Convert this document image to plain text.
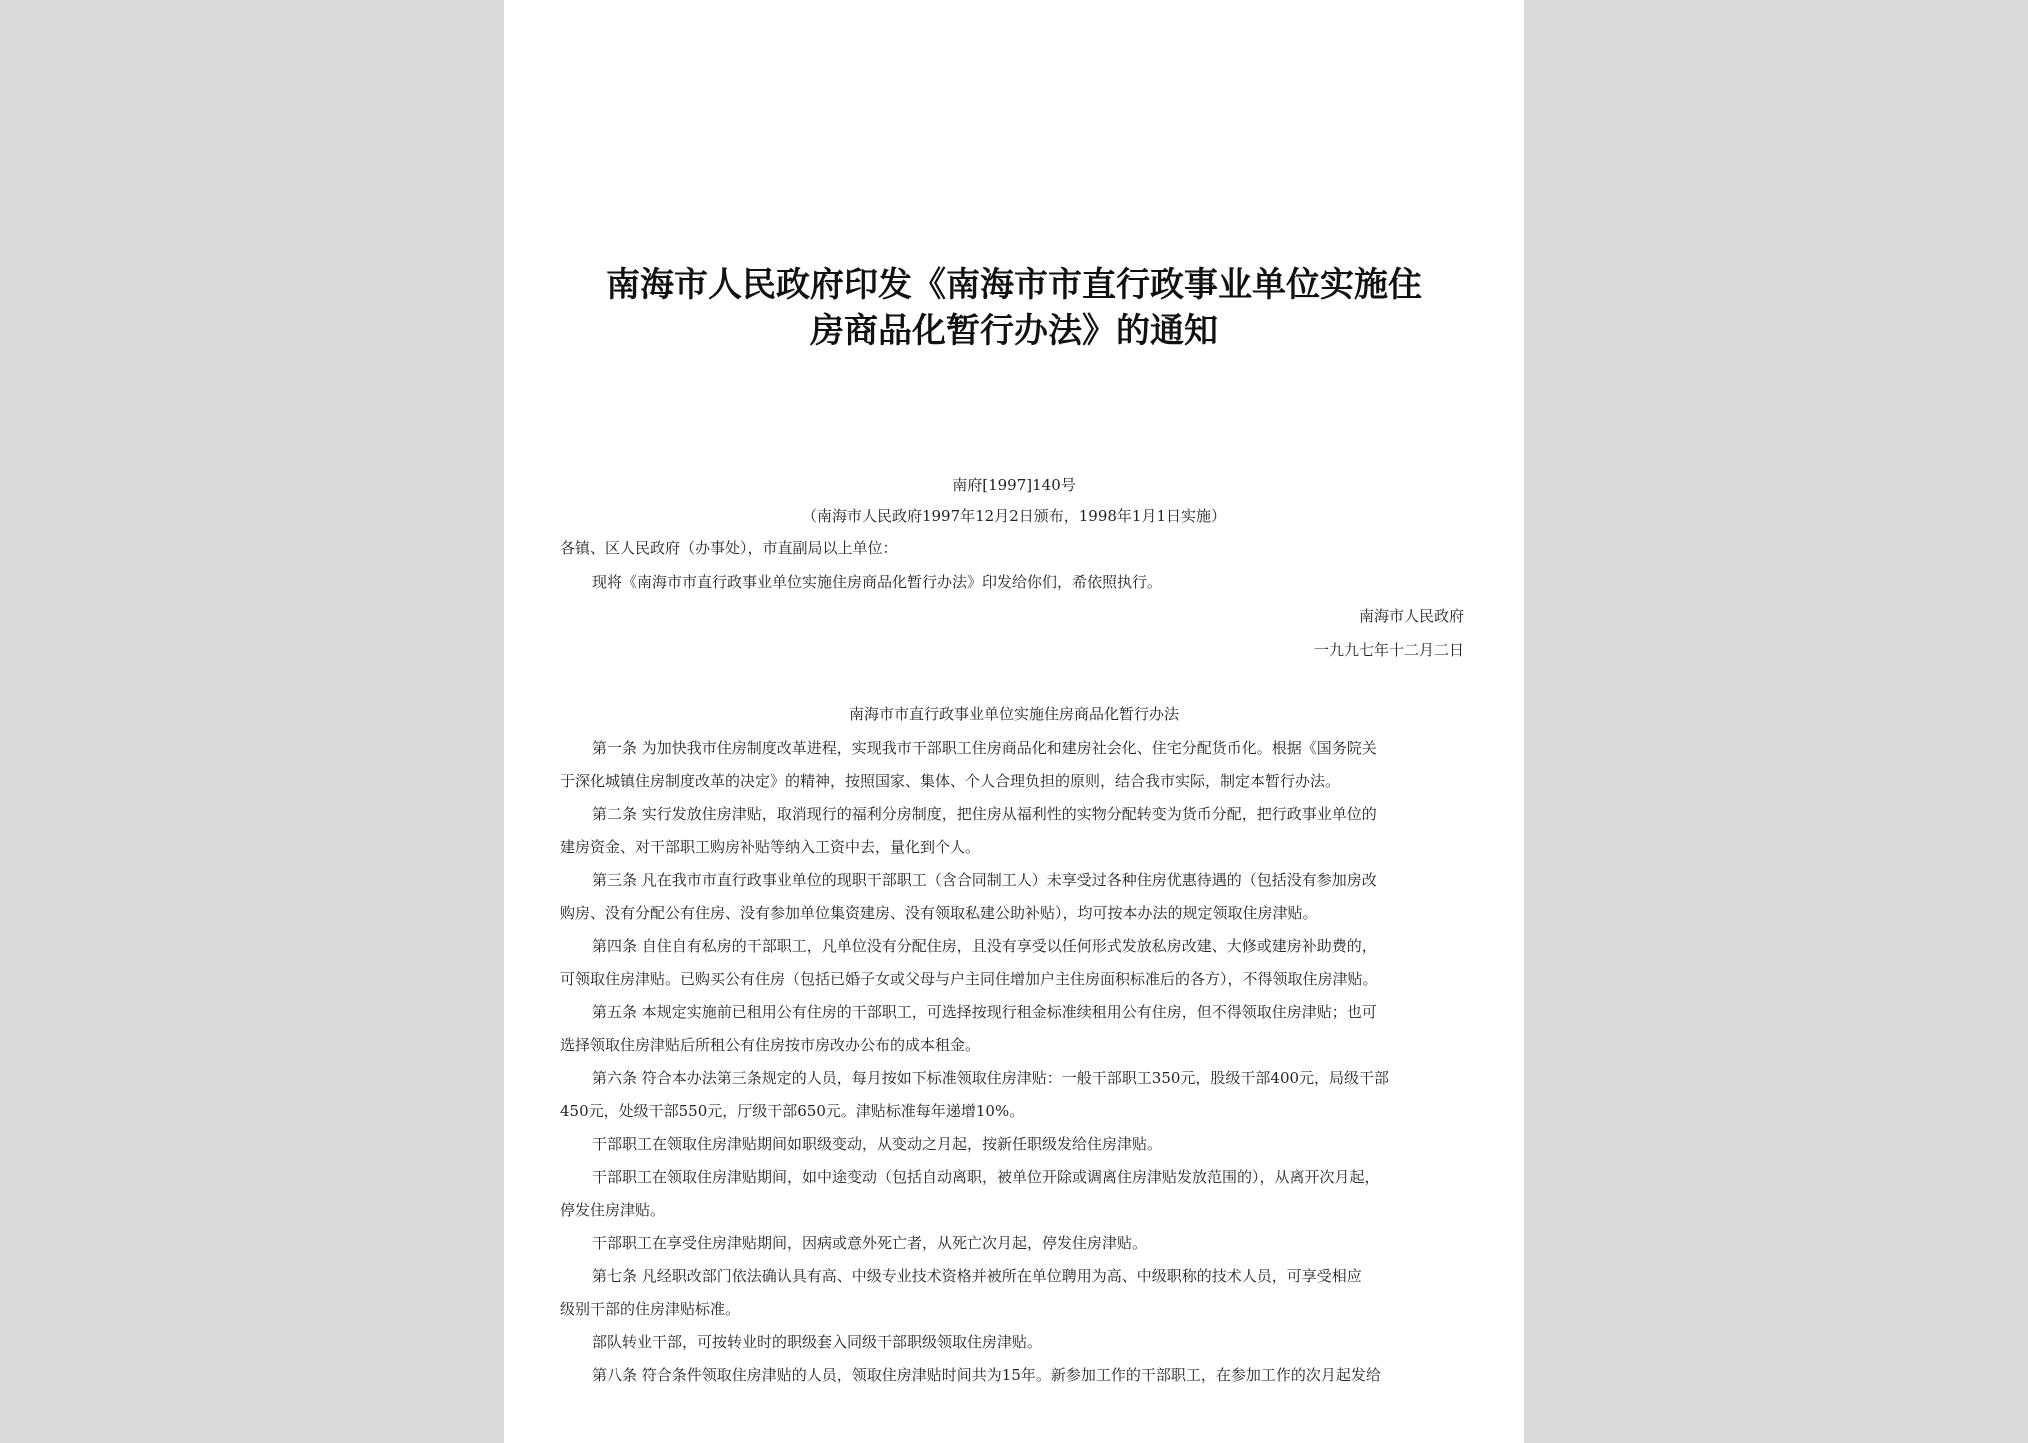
南海市人民政府印发《南海市市直行政事业单位实施住
房商品化暂行办法》的通知
南府[1997]140号
（南海市人民政府1997年12月2日颁布，1998年1月1日实施）
各镇、区人民政府（办事处），市直副局以上单位：
现将《南海市市直行政事业单位实施住房商品化暂行办法》印发给你们，希依照执行。
南海市人民政府
一九九七年十二月二日
南海市市直行政事业单位实施住房商品化暂行办法
第一条 为加快我市住房制度改革进程，实现我市干部职工住房商品化和建房社会化、住宅分配货币化。根据《国务院关
于深化城镇住房制度改革的决定》的精神，按照国家、集体、个人合理负担的原则，结合我市实际，制定本暂行办法。
第二条 实行发放住房津贴，取消现行的福利分房制度，把住房从福利性的实物分配转变为货币分配，把行政事业单位的
建房资金、对干部职工购房补贴等纳入工资中去，量化到个人。
第三条 凡在我市市直行政事业单位的现职干部职工（含合同制工人）未享受过各种住房优惠待遇的（包括没有参加房改
购房、没有分配公有住房、没有参加单位集资建房、没有领取私建公助补贴），均可按本办法的规定领取住房津贴。
第四条 自住自有私房的干部职工，凡单位没有分配住房，且没有享受以任何形式发放私房改建、大修或建房补助费的，
可领取住房津贴。已购买公有住房（包括已婚子女或父母与户主同住增加户主住房面积标准后的各方），不得领取住房津贴。
第五条 本规定实施前已租用公有住房的干部职工，可选择按现行租金标准续租用公有住房，但不得领取住房津贴；也可
选择领取住房津贴后所租公有住房按市房改办公布的成本租金。
第六条 符合本办法第三条规定的人员，每月按如下标准领取住房津贴：一般干部职工350元，股级干部400元，局级干部
450元，处级干部550元，厅级干部650元。津贴标准每年递增10%。
干部职工在领取住房津贴期间如职级变动，从变动之月起，按新任职级发给住房津贴。
干部职工在领取住房津贴期间，如中途变动（包括自动离职，被单位开除或调离住房津贴发放范围的），从离开次月起，
停发住房津贴。
干部职工在享受住房津贴期间，因病或意外死亡者，从死亡次月起，停发住房津贴。
第七条 凡经职改部门依法确认具有高、中级专业技术资格并被所在单位聘用为高、中级职称的技术人员，可享受相应
级别干部的住房津贴标准。
部队转业干部，可按转业时的职级套入同级干部职级领取住房津贴。
第八条 符合条件领取住房津贴的人员，领取住房津贴时间共为15年。新参加工作的干部职工，在参加工作的次月起发给
